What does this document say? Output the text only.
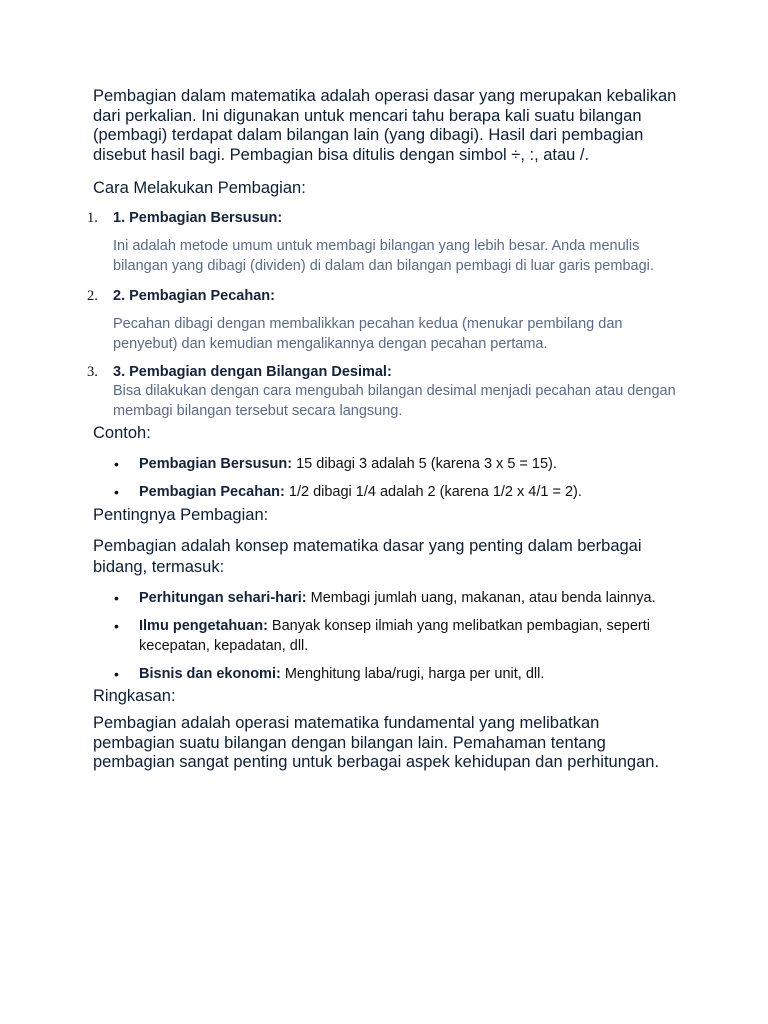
Pembagian dalam matematika adalah operasi dasar yang merupakan kebalikan dari perkalian. Ini digunakan untuk mencari tahu berapa kali suatu bilangan (pembagi) terdapat dalam bilangan lain (yang dibagi). Hasil dari pembagian disebut hasil bagi. Pembagian bisa ditulis dengan simbol ÷, :, atau /.

Cara Melakukan Pembagian:

1. 1. Pembagian Bersusun:

Ini adalah metode umum untuk membagi bilangan yang lebih besar. Anda menulis bilangan yang dibagi (dividen) di dalam dan bilangan pembagi di luar garis pembagi.

2. 2. Pembagian Pecahan:

Pecahan dibagi dengan membalikkan pecahan kedua (menukar pembilang dan penyebut) dan kemudian mengalikannya dengan pecahan pertama.

3. 3. Pembagian dengan Bilangan Desimal:

Bisa dilakukan dengan cara mengubah bilangan desimal menjadi pecahan atau dengan membagi bilangan tersebut secara langsung.

Contoh:

• Pembagian Bersusun: 15 dibagi 3 adalah 5 (karena 3 x 5 = 15).
• Pembagian Pecahan: 1/2 dibagi 1/4 adalah 2 (karena 1/2 x 4/1 = 2).

Pentingnya Pembagian:

Pembagian adalah konsep matematika dasar yang penting dalam berbagai bidang, termasuk:

• Perhitungan sehari-hari: Membagi jumlah uang, makanan, atau benda lainnya.
• Ilmu pengetahuan: Banyak konsep ilmiah yang melibatkan pembagian, seperti kecepatan, kepadatan, dll.
• Bisnis dan ekonomi: Menghitung laba/rugi, harga per unit, dll.

Ringkasan:

Pembagian adalah operasi matematika fundamental yang melibatkan pembagian suatu bilangan dengan bilangan lain. Pemahaman tentang pembagian sangat penting untuk berbagai aspek kehidupan dan perhitungan.
